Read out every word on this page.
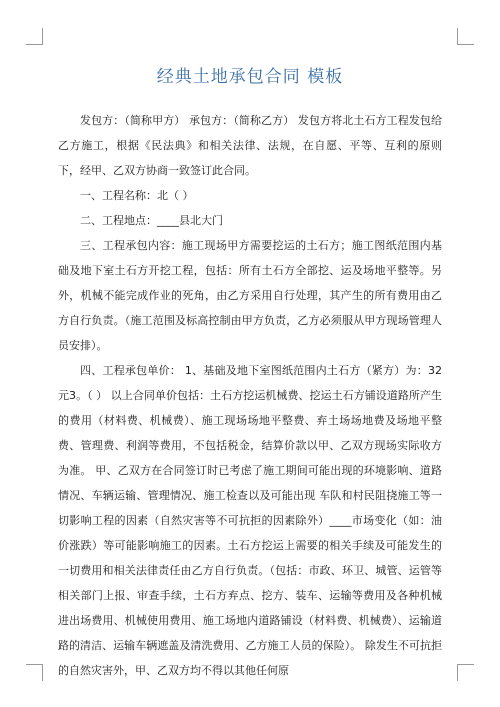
经典土地承包合同 模板

发包方：（简称甲方） 承包方：（简称乙方） 发包方将北土石方工程发包给乙方施工，根据《民法典》和相关法律、法规，在自愿、平等、互利的原则下，经甲、乙双方协商一致签订此合同。

一、工程名称：北（ ）

二、工程地点：____县北大门

三、工程承包内容：施工现场甲方需要挖运的土石方；施工图纸范围内基础及地下室土石方开挖工程，包括：所有土石方全部挖、运及场地平整等。另外，机械不能完成作业的死角，由乙方采用自行处理，其产生的所有费用由乙方自行负责。（施工范围及标高控制由甲方负责，乙方必须服从甲方现场管理人员安排）。

四、工程承包单价： 1、基础及地下室图纸范围内土石方（紧方）为：32元3。（ ） 以上合同单价包括：土石方挖运机械费、挖运土石方铺设道路所产生的费用（材料费、机械费）、施工现场场地平整费、弃土场场地费及场地平整费、管理费、利润等费用，不包括税金，结算价款以甲、乙双方现场实际收方为准。 甲、乙双方在合同签订时已考虑了施工期间可能出现的环境影响、道路情况、车辆运输、管理情况、施工检查以及可能出现 车队和村民阻挠施工等一切影响工程的因素（自然灾害等不可抗拒的因素除外）____市场变化（如：油价涨跌）等可能影响施工的因素。土石方挖运上需要的相关手续及可能发生的一切费用和相关法律责任由乙方自行负责。（包括：市政、环卫、城管、运管等相关部门上报、审查手续，土石方弃点、挖方、装车、运输等费用及各种机械进出场费用、机械使用费用、施工场地内道路铺设（材料费、机械费）、运输道路的清洁、运输车辆遮盖及清洗费用、乙方施工人员的保险）。 除发生不可抗拒的自然灾害外，甲、乙双方均不得以其他任何原
